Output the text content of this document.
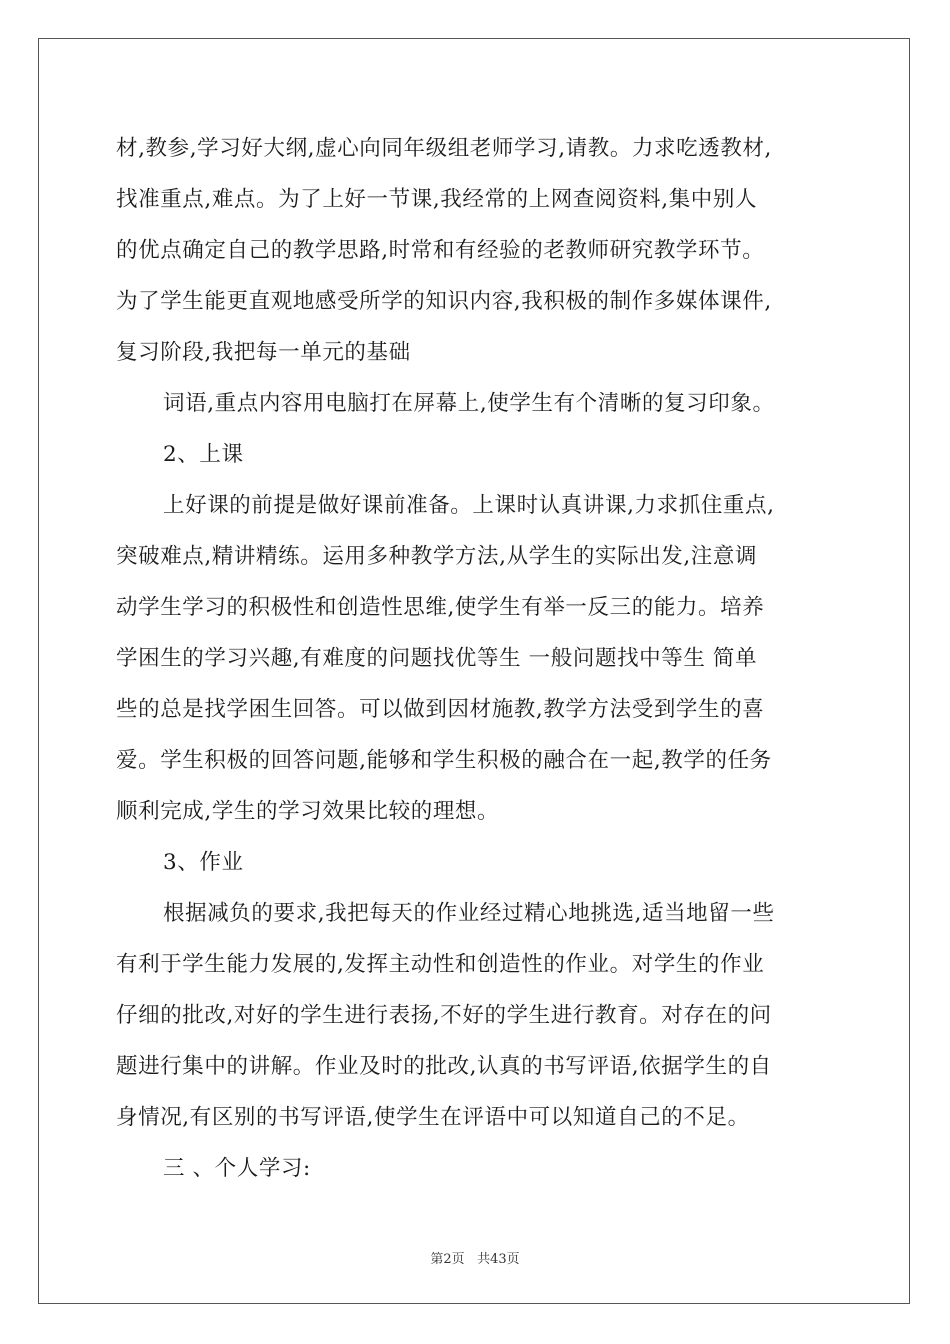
材,教参,学习好大纲,虚心向同年级组老师学习,请教。力求吃透教材,
找准重点,难点。为了上好一节课,我经常的上网查阅资料,集中别人
的优点确定自己的教学思路,时常和有经验的老教师研究教学环节。
为了学生能更直观地感受所学的知识内容,我积极的制作多媒体课件,
复习阶段,我把每一单元的基础
词语,重点内容用电脑打在屏幕上,使学生有个清晰的复习印象。
2、上课
上好课的前提是做好课前准备。上课时认真讲课,力求抓住重点,
突破难点,精讲精练。运用多种教学方法,从学生的实际出发,注意调
动学生学习的积极性和创造性思维,使学生有举一反三的能力。培养
学困生的学习兴趣,有难度的问题找优等生 一般问题找中等生 简单
些的总是找学困生回答。可以做到因材施教,教学方法受到学生的喜
爱。学生积极的回答问题,能够和学生积极的融合在一起,教学的任务
顺利完成,学生的学习效果比较的理想。
3、作业
根据减负的要求,我把每天的作业经过精心地挑选,适当地留一些
有利于学生能力发展的,发挥主动性和创造性的作业。对学生的作业
仔细的批改,对好的学生进行表扬,不好的学生进行教育。对存在的问
题进行集中的讲解。作业及时的批改,认真的书写评语,依据学生的自
身情况,有区别的书写评语,使学生在评语中可以知道自己的不足。
三 、个人学习:
第2页 共43页
